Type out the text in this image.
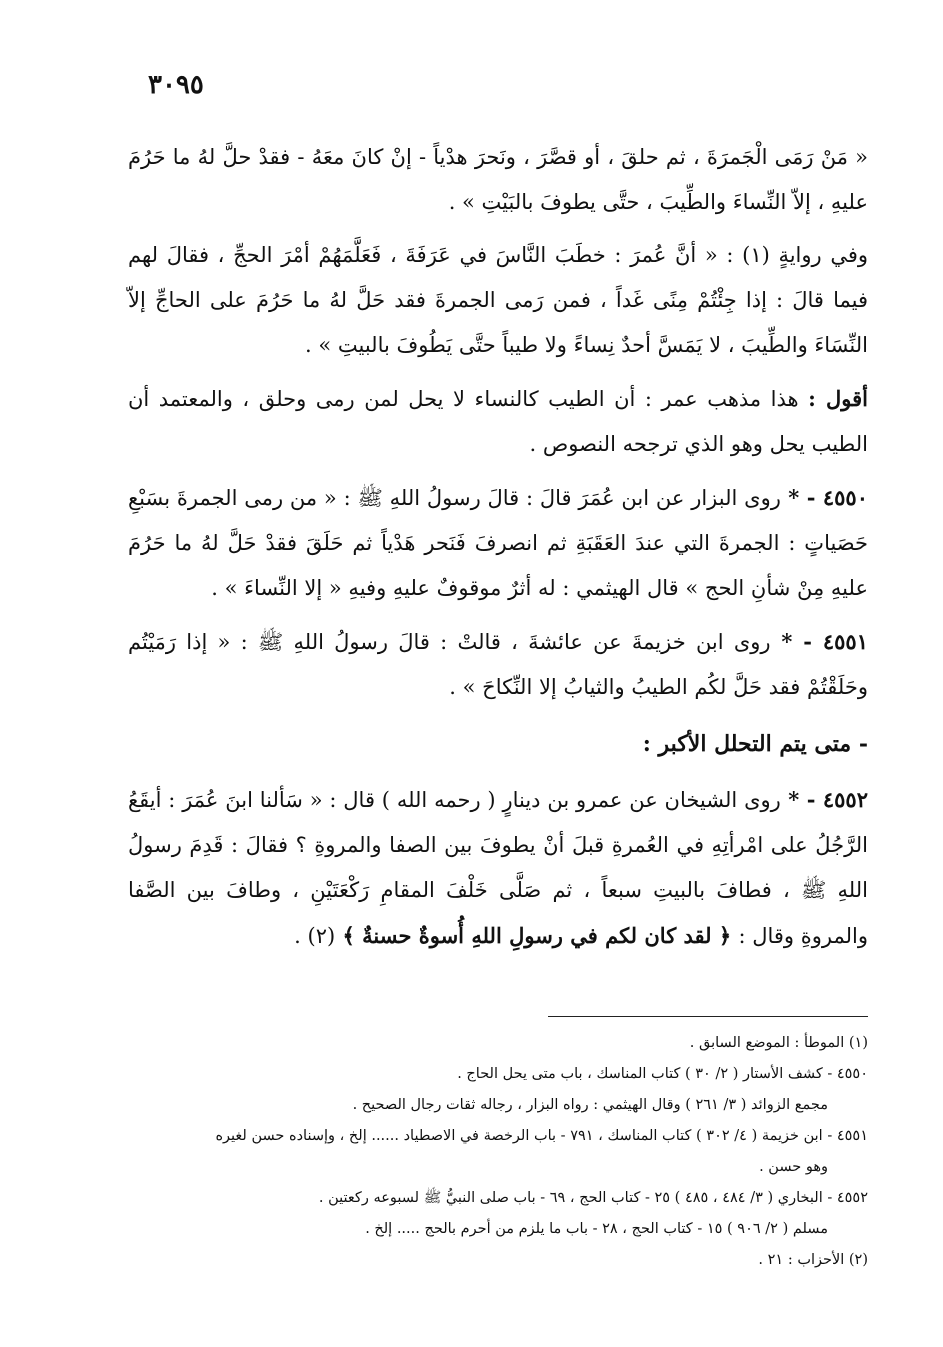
٣٠٩٥

« مَنْ رَمَى الْجَمرَةَ ، ثم حلقَ ، أو قصَّرَ ، ونَحرَ هدْياً - إنْ كانَ معَهُ - فقدْ حلَّ لهُ ما حَرُمَ عليهِ ، إلاّ النِّساءَ والطِّيبَ ، حتَّى يطوفَ بالبَيْتِ » .

وفي روايةٍ (١) : « أنَّ عُمرَ : خطَبَ النَّاسَ في عَرَفَةَ ، فَعَلَّمَهُمْ أمْرَ الحجِّ ، فقالَ لهم فيما قالَ : إذا جِئْتُمْ مِنًى غَداً ، فمن رَمى الجمرةَ فقد حَلَّ لهُ ما حَرُمَ على الحاجِّ إلاّ النِّسَاءَ والطِّيبَ ، لا يَمَسَّ أحدٌ نِساءً ولا طيباً حتَّى يَطُوفَ بالبيتِ » .

أقول : هذا مذهب عمر : أن الطيب كالنساء لا يحل لمن رمى وحلق ، والمعتمد أن الطيب يحل وهو الذي ترجحه النصوص .

٤٥٥٠ - * روى البزار عن ابن عُمَرَ قالَ : قالَ رسولُ اللهِ ﷺ : « من رمى الجمرةَ بسَبْعِ حَصَياتٍ : الجمرةَ التي عندَ العَقَبَةِ ثم انصرفَ فَنَحر هَدْياً ثم حَلَقَ فقدْ حَلَّ لهُ ما حَرُمَ عليهِ مِنْ شأنِ الحج » قال الهيثمي : له أثرٌ موقوفٌ عليهِ وفيهِ « إلا النِّساءَ » .

٤٥٥١ - * روى ابن خزيمةَ عن عائشةَ ، قالتْ : قالَ رسولُ اللهِ ﷺ : « إذا رَمَيْتُم وحَلَقْتُمْ فقد حَلَّ لكُم الطيبُ والثيابُ إلا النِّكاحَ » .

- متى يتم التحلل الأكبر :

٤٥٥٢ - * روى الشيخان عن عمرو بن دينارٍ ( رحمه الله ) قال : « سَألنا ابنَ عُمَرَ : أيقَعُ الرَّجُلُ على امْرأتِهِ في العُمرةِ قبلَ أنْ يطوفَ بين الصفا والمروةِ ؟ فقالَ : قَدِمَ رسولُ اللهِ ﷺ ، فطافَ بالبيتِ سبعاً ، ثم صَلَّى خَلْفَ المقامِ رَكْعَتَيْنِ ، وطافَ بين الصَّفا والمروةِ وقال : ﴿ لقد كان لكم في رسولِ اللهِ أُسوةٌ حسنةٌ ﴾ (٢) .

(١) الموطأ : الموضع السابق .

٤٥٥٠ - كشف الأستار ( ٢/ ٣٠ ) كتاب المناسك ، باب متى يحل الحاج .

مجمع الزوائد ( ٣/ ٢٦١ ) وقال الهيثمي : رواه البزار ، رجاله ثقات رجال الصحيح .

٤٥٥١ - ابن خزيمة ( ٤/ ٣٠٢ ) كتاب المناسك ، ٧٩١ - باب الرخصة في الاصطياد ...... إلخ ، وإسناده حسن لغيره

وهو حسن .

٤٥٥٢ - البخاري ( ٣/ ٤٨٤ ، ٤٨٥ ) ٢٥ - كتاب الحج ، ٦٩ - باب صلى النبيُّ ﷺ لسبوعه ركعتين .

مسلم ( ٢/ ٩٠٦ ) ١٥ - كتاب الحج ، ٢٨ - باب ما يلزم من أحرم بالحج ..... إلخ .

(٢) الأحزاب : ٢١ .
